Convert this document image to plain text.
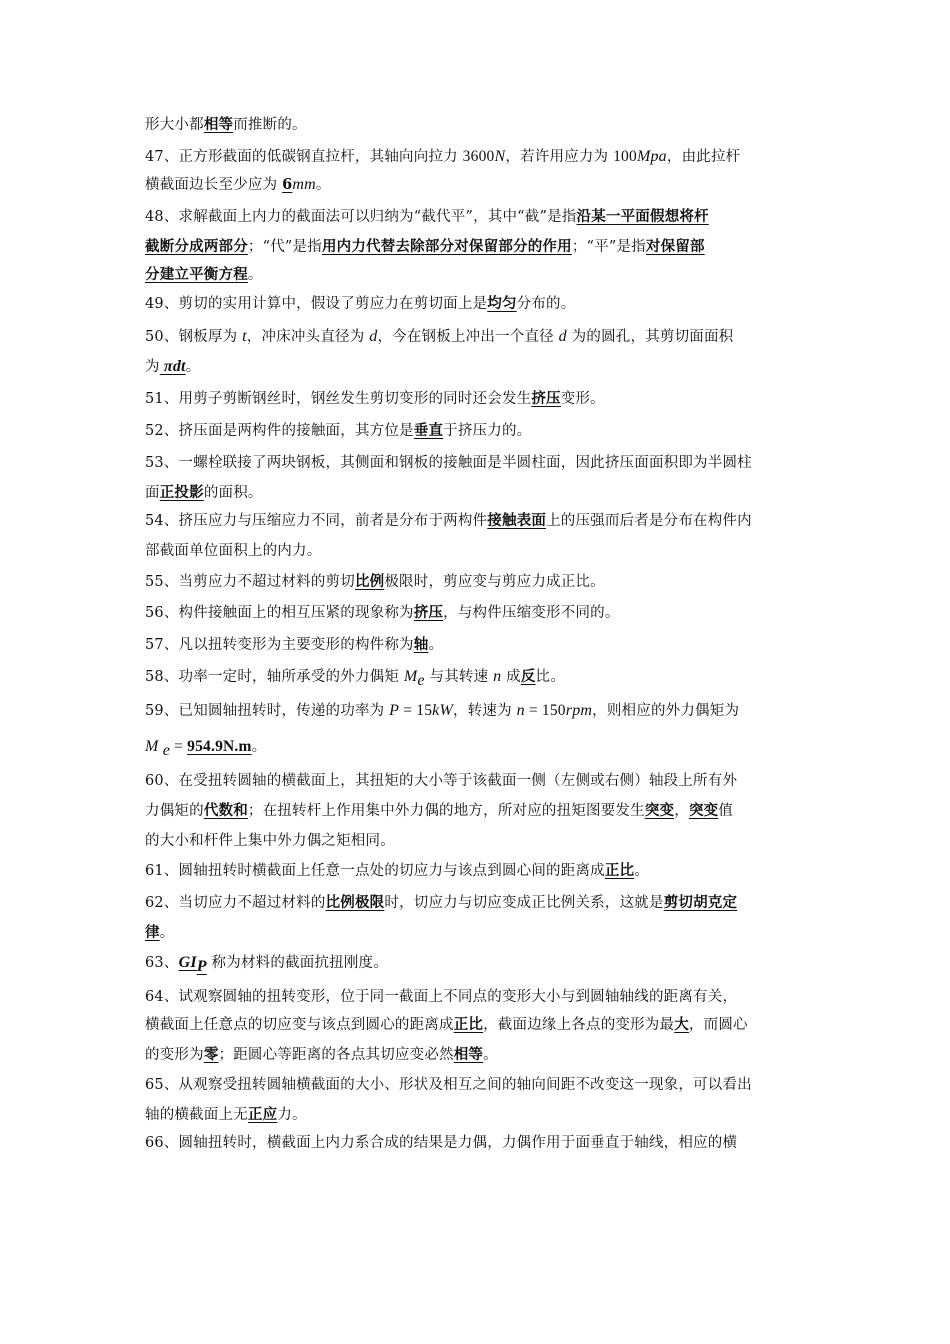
形大小都相等而推断的。
47、正方形截面的低碳钢直拉杆，其轴向向拉力 3600N，若许用应力为 100Mpa，由此拉杆
横截面边长至少应为 6mm。
48、求解截面上内力的截面法可以归纳为“截代平”，其中“截”是指沿某一平面假想将杆
截断分成两部分；“代”是指用内力代替去除部分对保留部分的作用；“平”是指对保留部
分建立平衡方程。
49、剪切的实用计算中，假设了剪应力在剪切面上是均匀分布的。
50、钢板厚为 t，冲床冲头直径为 d，今在钢板上冲出一个直径 d 为的圆孔，其剪切面面积
为 πdt。
51、用剪子剪断钢丝时，钢丝发生剪切变形的同时还会发生挤压变形。
52、挤压面是两构件的接触面，其方位是垂直于挤压力的。
53、一螺栓联接了两块钢板，其侧面和钢板的接触面是半圆柱面，因此挤压面面积即为半圆柱
面正投影的面积。
54、挤压应力与压缩应力不同，前者是分布于两构件接触表面上的压强而后者是分布在构件内
部截面单位面积上的内力。
55、当剪应力不超过材料的剪切比例极限时，剪应变与剪应力成正比。
56、构件接触面上的相互压紧的现象称为挤压，与构件压缩变形不同的。
57、凡以扭转变形为主要变形的构件称为轴。
58、功率一定时，轴所承受的外力偶矩 $M_e$ 与其转速 n 成反比。
59、已知圆轴扭转时，传递的功率为 P = 15kW，转速为 n = 150rpm，则相应的外力偶矩为
M $_e$ = 954.9N.m。
60、在受扭转圆轴的横截面上，其扭矩的大小等于该截面一侧（左侧或右侧）轴段上所有外
力偶矩的代数和；在扭转杆上作用集中外力偶的地方，所对应的扭矩图要发生突变，突变值
的大小和杆件上集中外力偶之矩相同。
61、圆轴扭转时横截面上任意一点处的切应力与该点到圆心间的距离成正比。
62、当切应力不超过材料的比例极限时，切应力与切应变成正比例关系，这就是剪切胡克定
律。
63、$GI_P$ 称为材料的截面抗扭刚度。
64、试观察圆轴的扭转变形，位于同一截面上不同点的变形大小与到圆轴轴线的距离有关，
横截面上任意点的切应变与该点到圆心的距离成正比，截面边缘上各点的变形为最大，而圆心
的变形为零；距圆心等距离的各点其切应变必然相等。
65、从观察受扭转圆轴横截面的大小、形状及相互之间的轴向间距不改变这一现象，可以看出
轴的横截面上无正应力。
66、圆轴扭转时，横截面上内力系合成的结果是力偶，力偶作用于面垂直于轴线，相应的横
